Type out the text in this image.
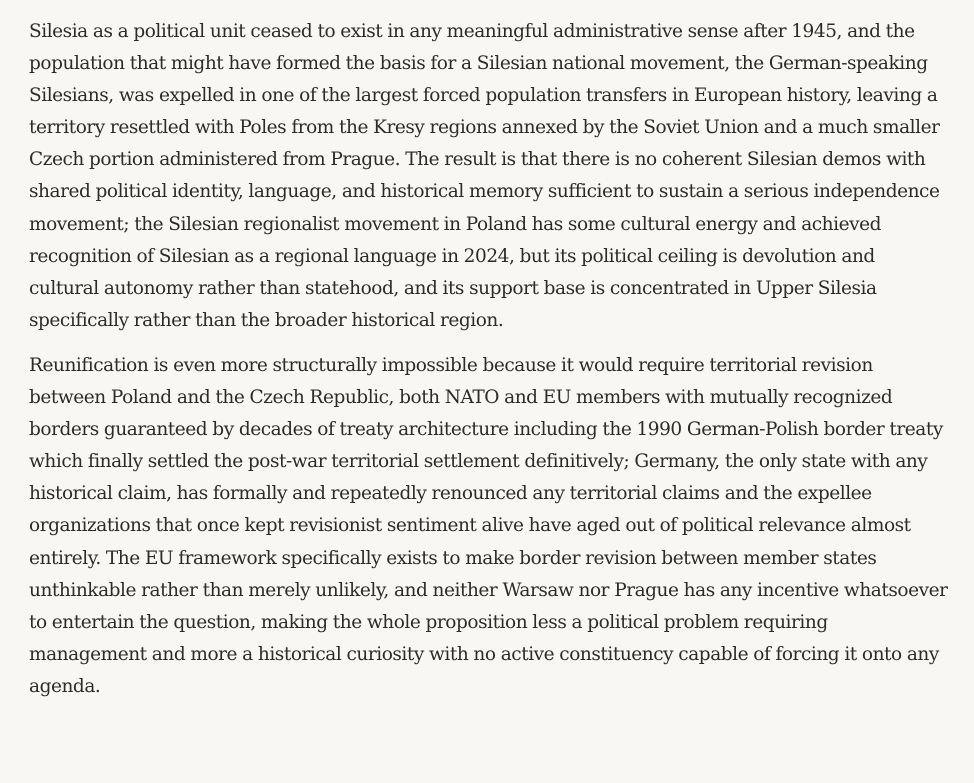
Silesia as a political unit ceased to exist in any meaningful administrative sense after 1945, and the population that might have formed the basis for a Silesian national movement, the German-speaking Silesians, was expelled in one of the largest forced population transfers in European history, leaving a territory resettled with Poles from the Kresy regions annexed by the Soviet Union and a much smaller Czech portion administered from Prague. The result is that there is no coherent Silesian demos with shared political identity, language, and historical memory sufficient to sustain a serious independence movement; the Silesian regionalist movement in Poland has some cultural energy and achieved recognition of Silesian as a regional language in 2024, but its political ceiling is devolution and cultural autonomy rather than statehood, and its support base is concentrated in Upper Silesia specifically rather than the broader historical region.

Reunification is even more structurally impossible because it would require territorial revision between Poland and the Czech Republic, both NATO and EU members with mutually recognized borders guaranteed by decades of treaty architecture including the 1990 German-Polish border treaty which finally settled the post-war territorial settlement definitively; Germany, the only state with any historical claim, has formally and repeatedly renounced any territorial claims and the expellee organizations that once kept revisionist sentiment alive have aged out of political relevance almost entirely. The EU framework specifically exists to make border revision between member states unthinkable rather than merely unlikely, and neither Warsaw nor Prague has any incentive whatsoever to entertain the question, making the whole proposition less a political problem requiring management and more a historical curiosity with no active constituency capable of forcing it onto any agenda.
